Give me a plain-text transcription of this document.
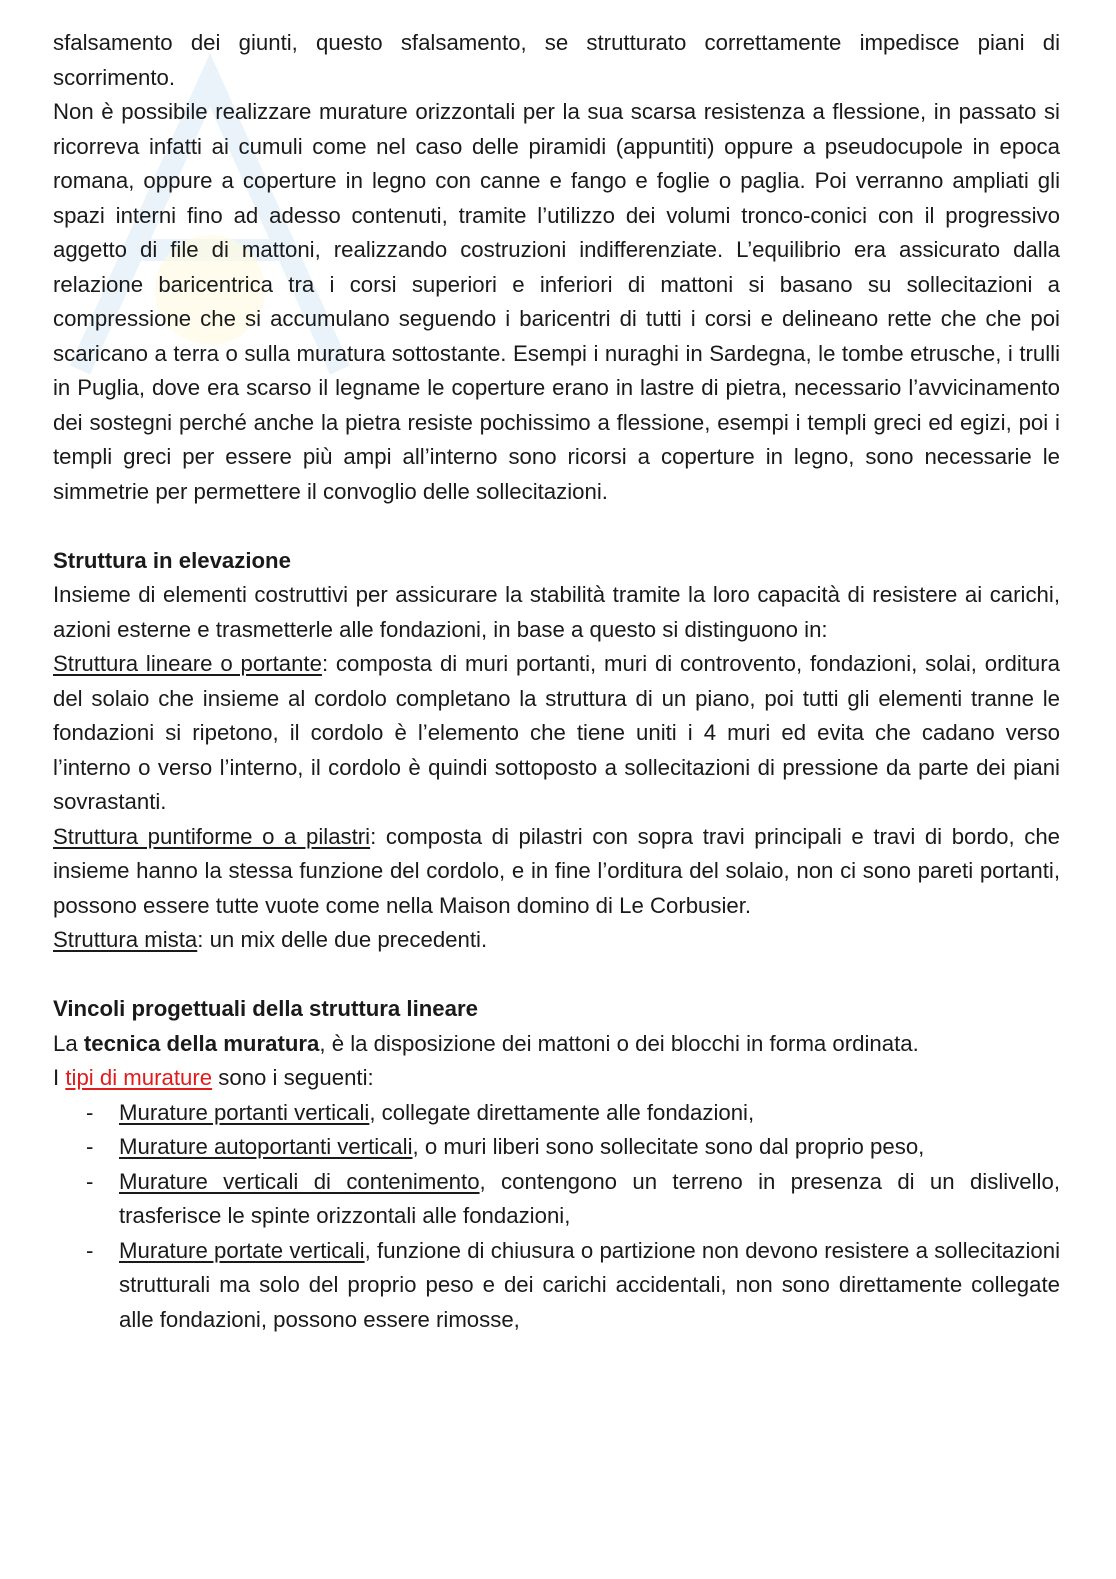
sfalsamento dei giunti, questo sfalsamento, se strutturato correttamente impedisce piani di scorrimento.

Non è possibile realizzare murature orizzontali per la sua scarsa resistenza a flessione, in passato si ricorreva infatti ai cumuli come nel caso delle piramidi (appuntiti) oppure a pseudocupole in epoca romana, oppure a coperture in legno con canne e fango e foglie o paglia. Poi verranno ampliati gli spazi interni fino ad adesso contenuti, tramite l’utilizzo dei volumi tronco-conici con il progressivo aggetto di file di mattoni, realizzando costruzioni indifferenziate. L’equilibrio era assicurato dalla relazione baricentrica tra i corsi superiori e inferiori di mattoni si basano su sollecitazioni a compressione che si accumulano seguendo i baricentri di tutti i corsi e delineano rette che che poi scaricano a terra o sulla muratura sottostante. Esempi i nuraghi in Sardegna, le tombe etrusche, i trulli in Puglia, dove era scarso il legname le coperture erano in lastre di pietra, necessario l’avvicinamento dei sostegni perché anche la pietra resiste pochissimo a flessione, esempi i templi greci ed egizi, poi i templi greci per essere più ampi all’interno sono ricorsi a coperture in legno, sono necessarie le simmetrie per permettere il convoglio delle sollecitazioni.

Struttura in elevazione

Insieme di elementi costruttivi per assicurare la stabilità tramite la loro capacità di resistere ai carichi, azioni esterne e trasmetterle alle fondazioni, in base a questo si distinguono in:

Struttura lineare o portante: composta di muri portanti, muri di controvento, fondazioni, solai, orditura del solaio che insieme al cordolo completano la struttura di un piano, poi tutti gli elementi tranne le fondazioni si ripetono, il cordolo è l’elemento che tiene uniti i 4 muri ed evita che cadano verso l’interno o verso l’interno, il cordolo è quindi sottoposto a sollecitazioni di pressione da parte dei piani sovrastanti.

Struttura puntiforme o a pilastri: composta di pilastri con sopra travi principali e travi di bordo, che insieme hanno la stessa funzione del cordolo, e in fine l’orditura del solaio, non ci sono pareti portanti, possono essere tutte vuote come nella Maison domino di Le Corbusier.

Struttura mista: un mix delle due precedenti.

Vincoli progettuali della struttura lineare

La tecnica della muratura, è la disposizione dei mattoni o dei blocchi in forma ordinata.

I tipi di murature sono i seguenti:

- Murature portanti verticali, collegate direttamente alle fondazioni,
- Murature autoportanti verticali, o muri liberi sono sollecitate sono dal proprio peso,
- Murature verticali di contenimento, contengono un terreno in presenza di un dislivello, trasferisce le spinte orizzontali alle fondazioni,
- Murature portate verticali, funzione di chiusura o partizione non devono resistere a sollecitazioni strutturali ma solo del proprio peso e dei carichi accidentali, non sono direttamente collegate alle fondazioni, possono essere rimosse,
